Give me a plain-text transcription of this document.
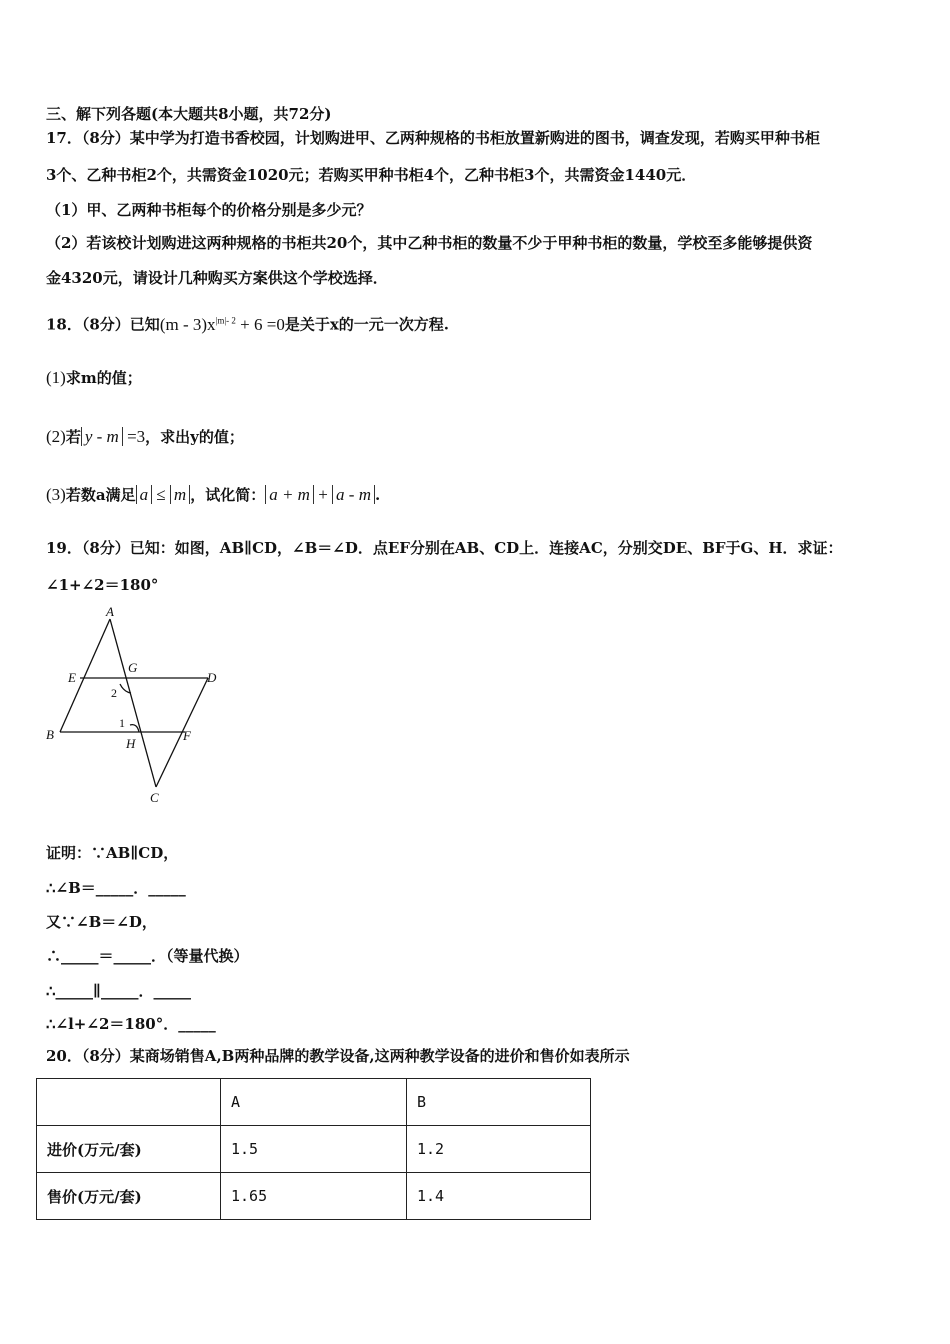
三、解下列各题(本大题共8小题，共72分)
17．（8分）某中学为打造书香校园，计划购进甲、乙两种规格的书柜放置新购进的图书，调查发现，若购买甲种书柜
3个、乙种书柜2个，共需资金1020元；若购买甲种书柜4个，乙种书柜3个，共需资金1440元．
（1）甲、乙两种书柜每个的价格分别是多少元？
（2）若该校计划购进这两种规格的书柜共20个，其中乙种书柜的数量不少于甲种书柜的数量，学校至多能够提供资
金4320元，请设计几种购买方案供这个学校选择．
18．（8分）已知$(m - 3)x^{|m|- 2} + 6 =0$是关于x的一元一次方程.
(1)求m的值；
(2)若 y - m =3，求出y的值；
(3)若数a满足 a ≤ m ，试化简： a + m + a - m .
19．（8分）已知：如图，AB∥CD，∠B＝∠D．点EF分别在AB、CD上．连接AC，分别交DE、BF于G、H．求证：
∠1+∠2＝180°
A
E
G
D
2
1
B
H
F
C
证明：∵AB∥CD，
∴∠B＝_____．_____
又∵∠B＝∠D，
∴_____＝_____．（等量代换）
∴_____∥_____．_____
∴∠l+∠2＝180°．_____
20．（8分）某商场销售A,B两种品牌的教学设备,这两种教学设备的进价和售价如表所示
	A	B
进价(万元/套)	1.5	1.2
售价(万元/套)	1.65	1.4
